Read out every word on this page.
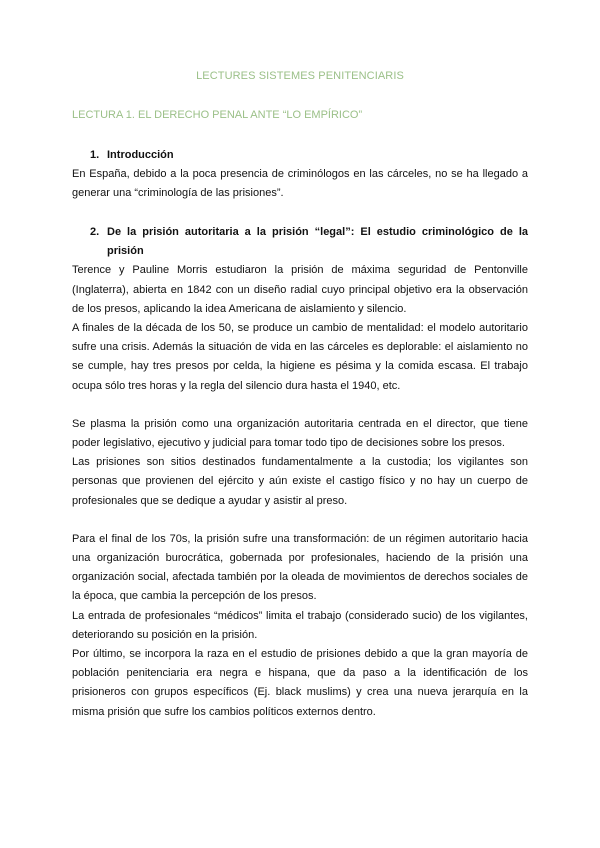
LECTURES SISTEMES PENITENCIARIS
LECTURA 1. EL DERECHO PENAL ANTE “LO EMPÍRICO”
1. Introducción

En España, debido a la poca presencia de criminólogos en las cárceles, no se ha llegado a generar una “criminología de las prisiones”.

2. De la prisión autoritaria a la prisión “legal”: El estudio criminológico de la prisión

Terence y Pauline Morris estudiaron la prisión de máxima seguridad de Pentonville (Inglaterra), abierta en 1842 con un diseño radial cuyo principal objetivo era la observación de los presos, aplicando la idea Americana de aislamiento y silencio.

A finales de la década de los 50, se produce un cambio de mentalidad: el modelo autoritario sufre una crisis. Además la situación de vida en las cárceles es deplorable: el aislamiento no se cumple, hay tres presos por celda, la higiene es pésima y la comida escasa. El trabajo ocupa sólo tres horas y la regla del silencio dura hasta el 1940, etc.

Se plasma la prisión como una organización autoritaria centrada en el director, que tiene poder legislativo, ejecutivo y judicial para tomar todo tipo de decisiones sobre los presos.

Las prisiones son sitios destinados fundamentalmente a la custodia; los vigilantes son personas que provienen del ejército y aún existe el castigo físico y no hay un cuerpo de profesionales que se dedique a ayudar y asistir al preso.

Para el final de los 70s, la prisión sufre una transformación: de un régimen autoritario hacia una organización burocrática, gobernada por profesionales, haciendo de la prisión una organización social, afectada también por la oleada de movimientos de derechos sociales de la época, que cambia la percepción de los presos.

La entrada de profesionales “médicos” limita el trabajo (considerado sucio) de los vigilantes, deteriorando su posición en la prisión.

Por último, se incorpora la raza en el estudio de prisiones debido a que la gran mayoría de población penitenciaria era negra e hispana, que da paso a la identificación de los prisioneros con grupos específicos (Ej. black muslims) y crea una nueva jerarquía en la misma prisión que sufre los cambios políticos externos dentro.
